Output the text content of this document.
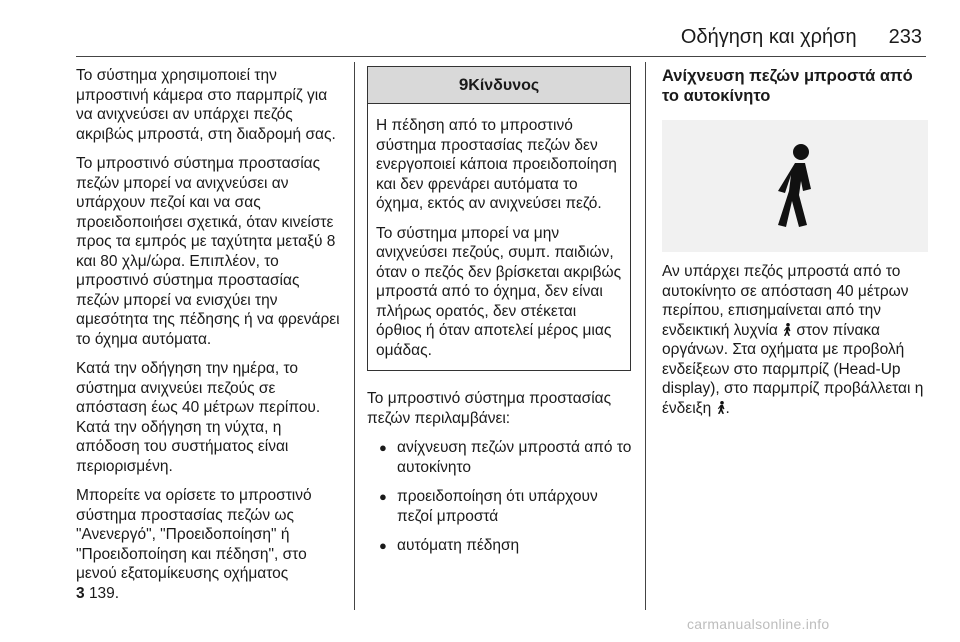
Οδήγηση και χρήση 233

Το σύστημα χρησιμοποιεί την μπροστινή κάμερα στο παρμπρίζ για να ανιχνεύσει αν υπάρχει πεζός ακριβώς μπροστά, στη διαδρομή σας.

Το μπροστινό σύστημα προστασίας πεζών μπορεί να ανιχνεύσει αν υπάρχουν πεζοί και να σας προειδοποιήσει σχετικά, όταν κινείστε προς τα εμπρός με ταχύτητα μεταξύ 8 και 80 χλμ/ώρα. Επιπλέον, το μπροστινό σύστημα προστασίας πεζών μπορεί να ενισχύει την αμεσότητα της πέδησης ή να φρενάρει το όχημα αυτόματα.

Κατά την οδήγηση την ημέρα, το σύστημα ανιχνεύει πεζούς σε απόσταση έως 40 μέτρων περίπου. Κατά την οδήγηση τη νύχτα, η απόδοση του συστήματος είναι περιορισμένη.

Μπορείτε να ορίσετε το μπροστινό σύστημα προστασίας πεζών ως "Ανενεργό", "Προειδοποίηση" ή "Προειδοποίηση και πέδηση", στο μενού εξατομίκευσης οχήματος
3 139.

9Κίνδυνος

Η πέδηση από το μπροστινό σύστημα προστασίας πεζών δεν ενεργοποιεί κάποια προειδοποίηση και δεν φρενάρει αυτόματα το όχημα, εκτός αν ανιχνεύσει πεζό.

Το σύστημα μπορεί να μην ανιχνεύσει πεζούς, συμπ. παιδιών, όταν ο πεζός δεν βρίσκεται ακριβώς μπροστά από το όχημα, δεν είναι πλήρως ορατός, δεν στέκεται όρθιος ή όταν αποτελεί μέρος μιας ομάδας.

Το μπροστινό σύστημα προστασίας πεζών περιλαμβάνει:

● ανίχνευση πεζών μπροστά από το αυτοκίνητο
● προειδοποίηση ότι υπάρχουν πεζοί μπροστά
● αυτόματη πέδηση
Ανίχνευση πεζών μπροστά από το αυτοκίνητο

Αν υπάρχει πεζός μπροστά από το αυτοκίνητο σε απόσταση 40 μέτρων περίπου, επισημαίνεται από την ενδεικτική λυχνία στον πίνακα οργάνων. Στα οχήματα με προβολή ενδείξεων στο παρμπρίζ (Head-Up display), στο παρμπρίζ προβάλλεται η ένδειξη .

carmanualsonline.info
